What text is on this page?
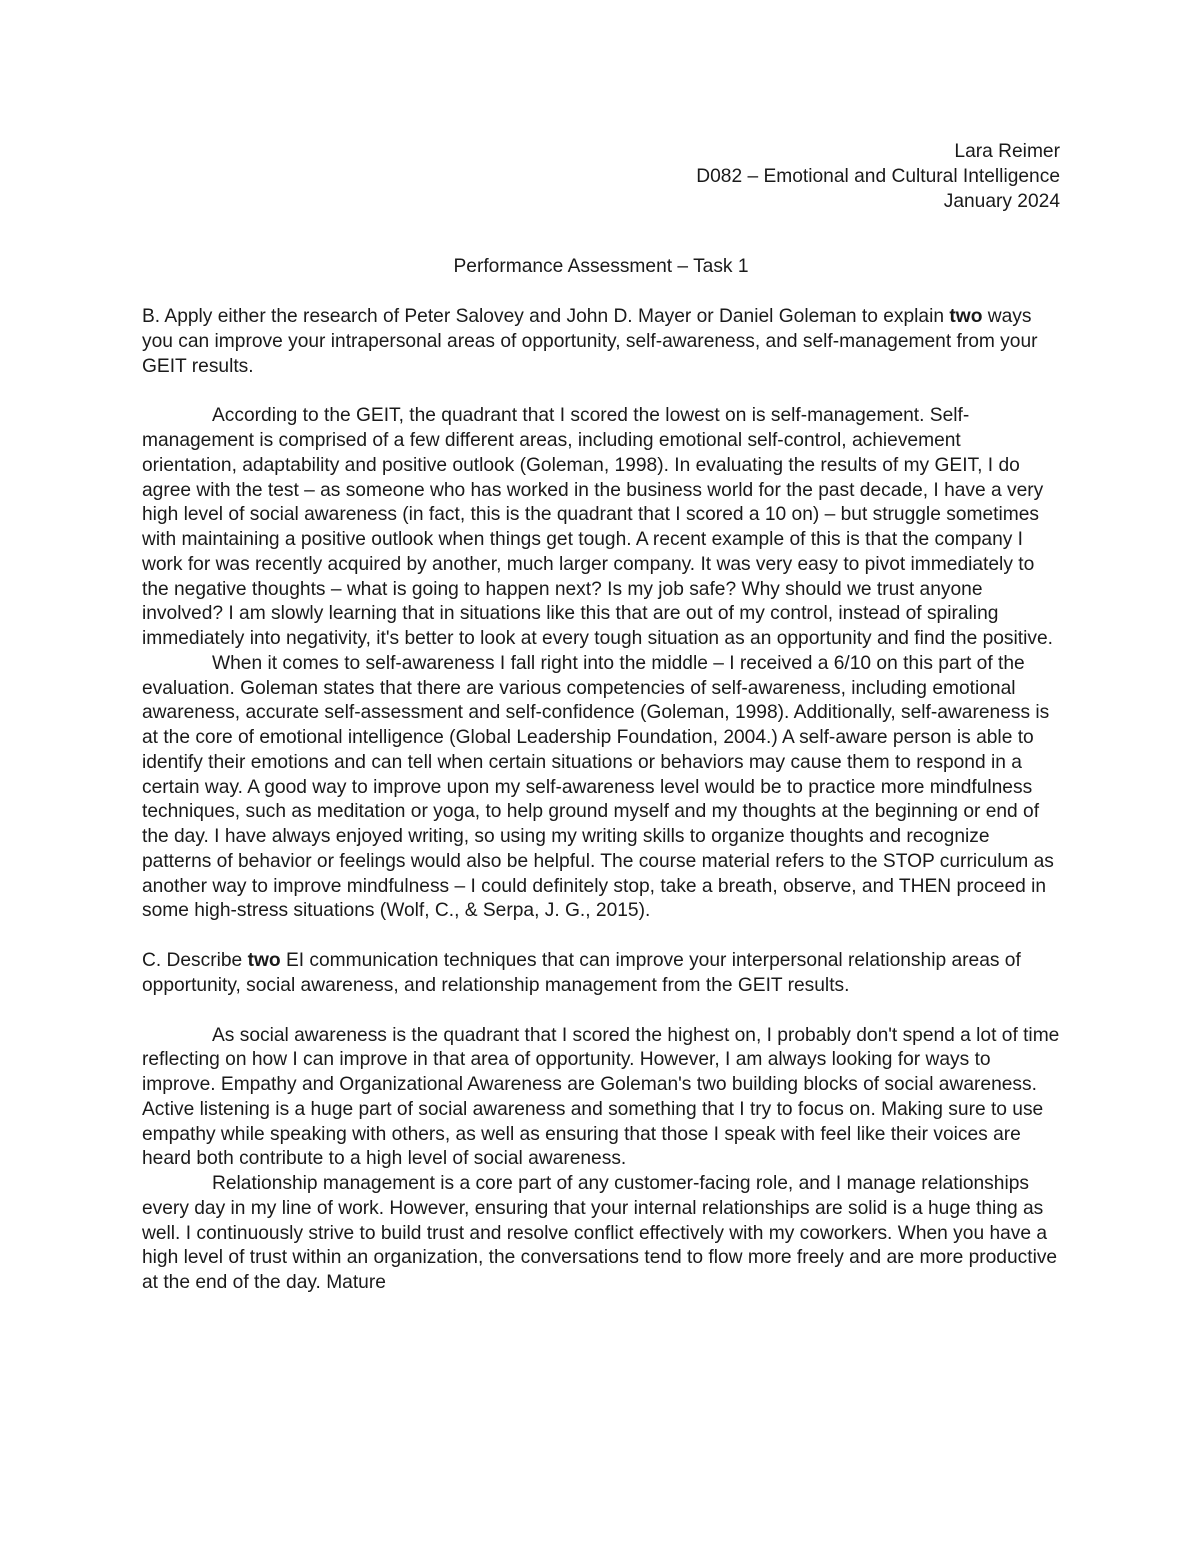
Lara Reimer
D082 – Emotional and Cultural Intelligence
January 2024
Performance Assessment – Task 1
B. Apply either the research of Peter Salovey and John D. Mayer or Daniel Goleman to explain two ways you can improve your intrapersonal areas of opportunity, self-awareness, and self-management from your GEIT results.
According to the GEIT, the quadrant that I scored the lowest on is self-management. Self-management is comprised of a few different areas, including emotional self-control, achievement orientation, adaptability and positive outlook (Goleman, 1998). In evaluating the results of my GEIT, I do agree with the test – as someone who has worked in the business world for the past decade, I have a very high level of social awareness (in fact, this is the quadrant that I scored a 10 on) – but struggle sometimes with maintaining a positive outlook when things get tough. A recent example of this is that the company I work for was recently acquired by another, much larger company. It was very easy to pivot immediately to the negative thoughts – what is going to happen next? Is my job safe? Why should we trust anyone involved? I am slowly learning that in situations like this that are out of my control, instead of spiraling immediately into negativity, it's better to look at every tough situation as an opportunity and find the positive.
When it comes to self-awareness I fall right into the middle – I received a 6/10 on this part of the evaluation. Goleman states that there are various competencies of self-awareness, including emotional awareness, accurate self-assessment and self-confidence (Goleman, 1998). Additionally, self-awareness is at the core of emotional intelligence (Global Leadership Foundation, 2004.) A self-aware person is able to identify their emotions and can tell when certain situations or behaviors may cause them to respond in a certain way. A good way to improve upon my self-awareness level would be to practice more mindfulness techniques, such as meditation or yoga, to help ground myself and my thoughts at the beginning or end of the day. I have always enjoyed writing, so using my writing skills to organize thoughts and recognize patterns of behavior or feelings would also be helpful. The course material refers to the STOP curriculum as another way to improve mindfulness – I could definitely stop, take a breath, observe, and THEN proceed in some high-stress situations (Wolf, C., & Serpa, J. G., 2015).
C. Describe two EI communication techniques that can improve your interpersonal relationship areas of opportunity, social awareness, and relationship management from the GEIT results.
As social awareness is the quadrant that I scored the highest on, I probably don't spend a lot of time reflecting on how I can improve in that area of opportunity. However, I am always looking for ways to improve. Empathy and Organizational Awareness are Goleman's two building blocks of social awareness. Active listening is a huge part of social awareness and something that I try to focus on. Making sure to use empathy while speaking with others, as well as ensuring that those I speak with feel like their voices are heard both contribute to a high level of social awareness.
Relationship management is a core part of any customer-facing role, and I manage relationships every day in my line of work. However, ensuring that your internal relationships are solid is a huge thing as well. I continuously strive to build trust and resolve conflict effectively with my coworkers. When you have a high level of trust within an organization, the conversations tend to flow more freely and are more productive at the end of the day. Mature
